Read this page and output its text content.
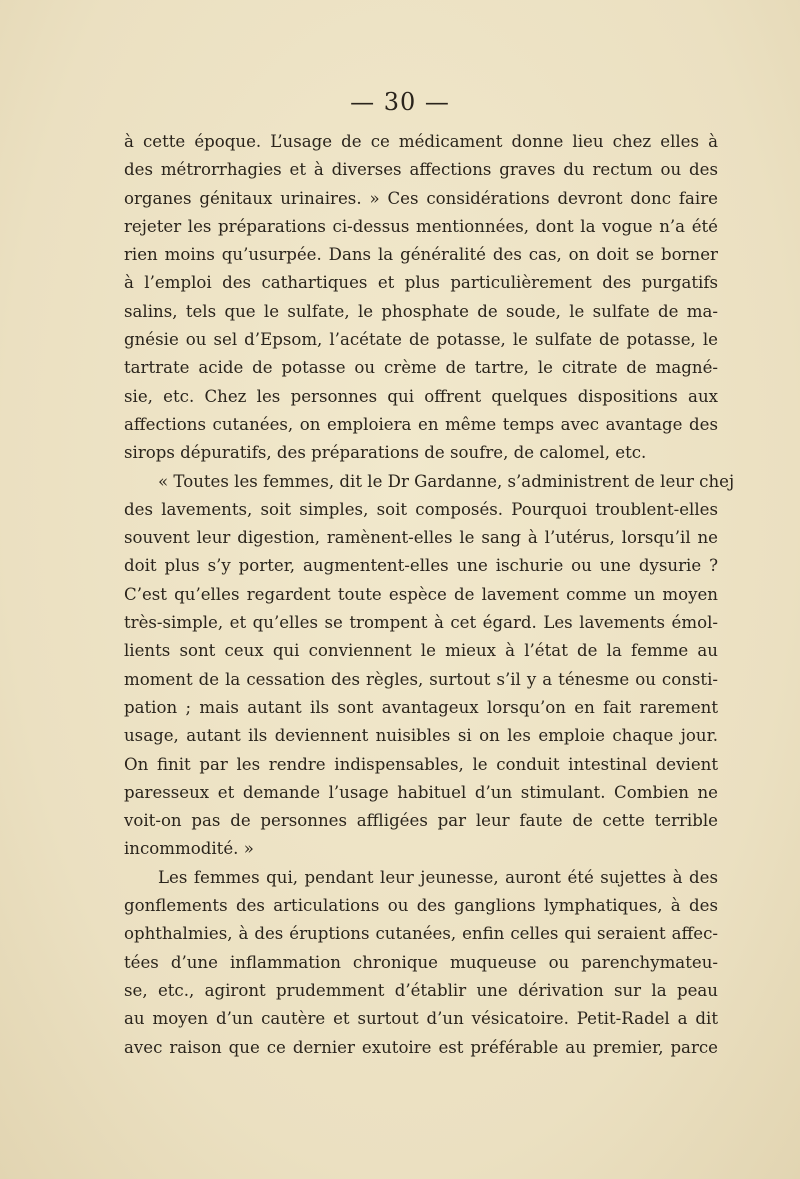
— 30 —
à cette époque. L’usage de ce médicament donne lieu chez elles à
des métrorrhagies et à diverses affections graves du rectum ou des
organes génitaux urinaires. » Ces considérations devront donc faire
rejeter les préparations ci-dessus mentionnées, dont la vogue n’a été
rien moins qu’usurpée. Dans la généralité des cas, on doit se borner
à l’emploi des cathartiques et plus particulièrement des purgatifs
salins, tels que le sulfate, le phosphate de soude, le sulfate de ma-
gnésie ou sel d’Epsom, l’acétate de potasse, le sulfate de potasse, le
tartrate acide de potasse ou crème de tartre, le citrate de magné-
sie, etc. Chez les personnes qui offrent quelques dispositions aux
affections cutanées, on emploiera en même temps avec avantage des
sirops dépuratifs, des préparations de soufre, de calomel, etc.
« Toutes les femmes, dit le Dr Gardanne, s’administrent de leur chej
des lavements, soit simples, soit composés. Pourquoi troublent-elles
souvent leur digestion, ramènent-elles le sang à l’utérus, lorsqu’il ne
doit plus s’y porter, augmentent-elles une ischurie ou une dysurie ?
C’est qu’elles regardent toute espèce de lavement comme un moyen
très-simple, et qu’elles se trompent à cet égard. Les lavements émol-
lients sont ceux qui conviennent le mieux à l’état de la femme au
moment de la cessation des règles, surtout s’il y a ténesme ou consti-
pation ; mais autant ils sont avantageux lorsqu’on en fait rarement
usage, autant ils deviennent nuisibles si on les emploie chaque jour.
On finit par les rendre indispensables, le conduit intestinal devient
paresseux et demande l’usage habituel d’un stimulant. Combien ne
voit-on pas de personnes affligées par leur faute de cette terrible
incommodité. »
Les femmes qui, pendant leur jeunesse, auront été sujettes à des
gonflements des articulations ou des ganglions lymphatiques, à des
ophthalmies, à des éruptions cutanées, enfin celles qui seraient affec-
tées d’une inflammation chronique muqueuse ou parenchymateu-
se, etc., agiront prudemment d’établir une dérivation sur la peau
au moyen d’un cautère et surtout d’un vésicatoire. Petit-Radel a dit
avec raison que ce dernier exutoire est préférable au premier, parce
